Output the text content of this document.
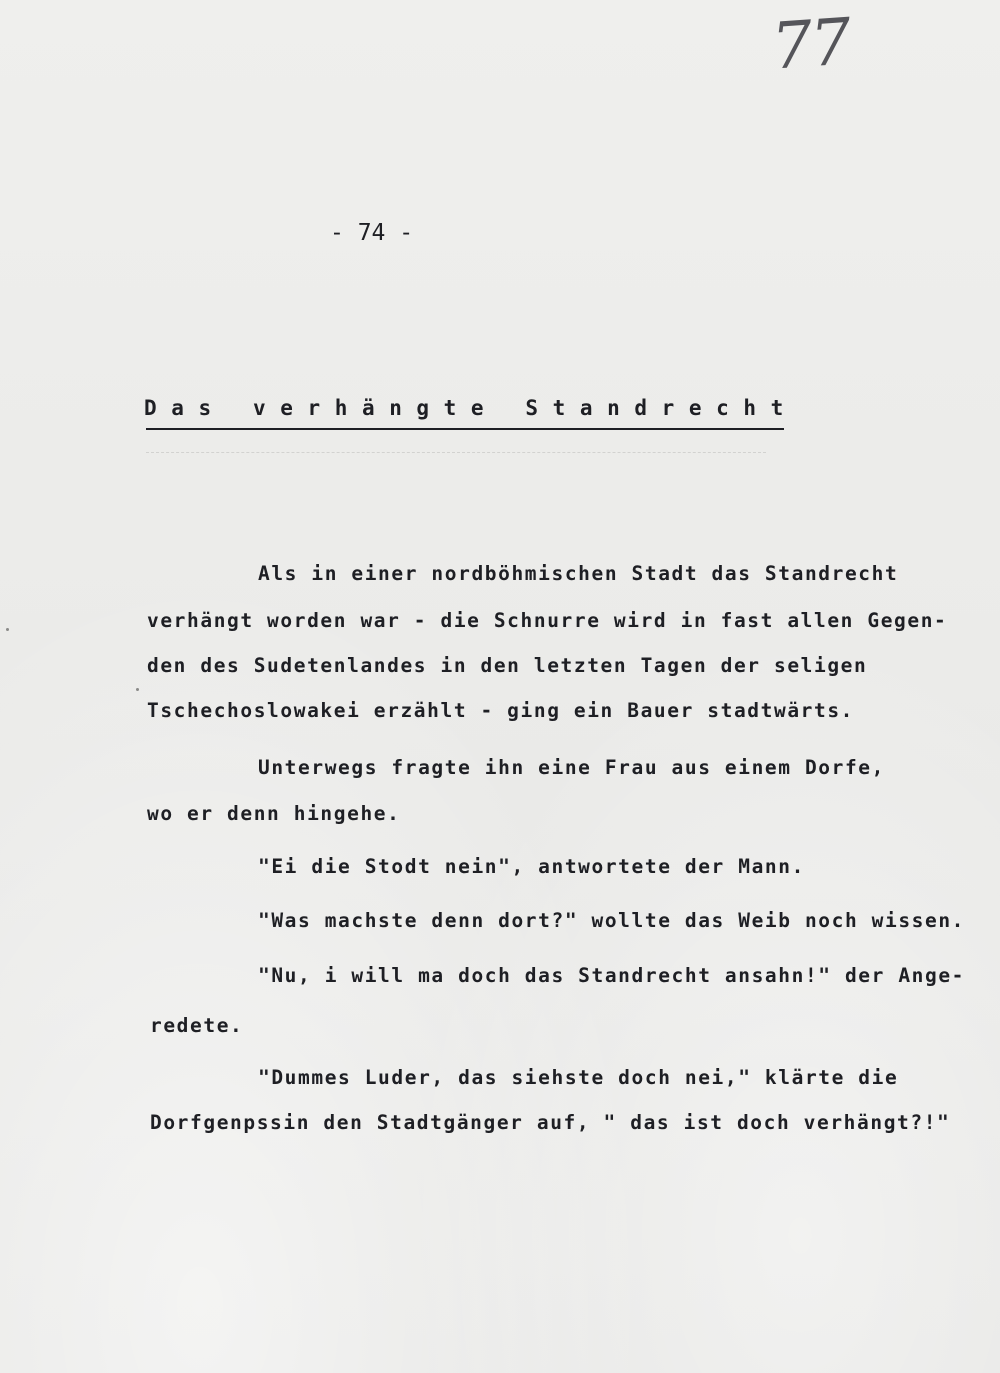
77
- 74 -
Das verhängte Standrecht
Als in einer nordböhmischen Stadt das Standrecht
verhängt worden war - die Schnurre wird in fast allen Gegen-
den des Sudetenlandes in den letzten Tagen der seligen
Tschechoslowakei erzählt - ging ein Bauer stadtwärts.
Unterwegs fragte ihn eine Frau aus einem Dorfe,
wo er denn hingehe.
"Ei die Stodt nein", antwortete der Mann.
"Was machste denn dort?" wollte das Weib noch wissen.
"Nu, i will ma doch das Standrecht ansahn!" der Ange-
redete.
"Dummes Luder, das siehste doch nei," klärte die
Dorfgenpssin den Stadtgänger auf, " das ist doch verhängt?!"
